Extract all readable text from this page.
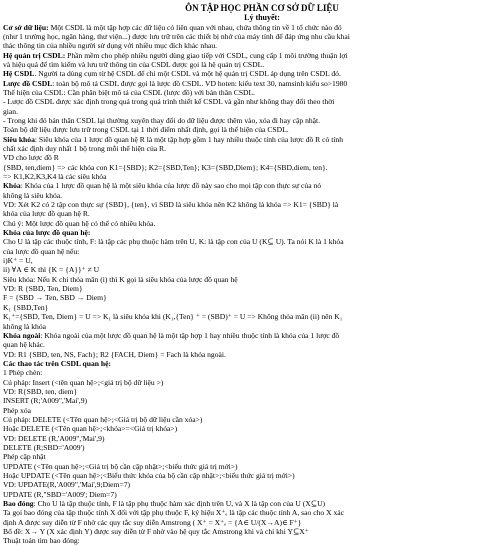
ÔN TẬP HỌC PHẦN CƠ SỞ DỮ LIỆU
Lý thuyết:
Cơ sở dữ liệu: Một CSDL là một tập hợp các dữ liệu có liên quan với nhau, chứa thông tin về 1 tổ chức nào đó
(như 1 trường học, ngân hàng, thư viện...) được lưu trữ trên các thiết bị nhớ của máy tính để đáp ứng nhu cầu khai
thác thông tin của nhiều người sử dụng với nhiều mục đích khác nhau.
Hệ quản trị CSDL: Phần mềm cho phép nhiều người dùng giao tiếp với CSDL, cung cấp 1 môi trường thuận lợi
và hiệu quả để tìm kiếm và lưu trữ thông tin của CSDL được gọi là hệ quản trị CSDL.
Hệ CSDL. Người ta dùng cụm từ hệ CSDL để chỉ một CSDL và một hệ quản trị CSDL áp dụng trên CSDL đó.
Lược đồ CSDL: toàn bộ mô tả CSDL được gọi là lược đồ CSDL. VD hoten: kiểu text 30, namsinh kiểu so>1980
Thể hiện của CSDL: Cần phân biệt mô tả của CSDL (lược đồ) với bản thân CSDL.
- Lược đồ CSDL được xác định trong quá trong quá trình thiết kế CSDL và gần như không thay đổi theo thời
gian.
- Trong khi đó bản thân CSDL lại thường xuyên thay đổi do dữ liệu được thêm vào, xóa đi hay cập nhật.
Toàn bộ dữ liệu được lưu trữ trong CSDL tại 1 thời điểm nhất định, gọi là thể hiện của CSDL.
Siêu khóa: Siêu khóa của 1 lược đồ quan hệ R là một tập hợp gồm 1 hay nhiều thuộc tính của lược đồ R có tính
chất xác định duy nhất 1 bộ trong mỗi thể hiện của R.
VD cho lược đồ R
{SBD, ten,diem} => các khóa con K1={SBD}; K2={SBD,Ten}; K3={SBD,Diem}; K4={SBD,diem, ten}.
=> K1,K2,K3,K4 là các siêu khóa
Khóa: Khóa của 1 lược đồ quan hệ là một siêu khóa của lược đồ này sao cho mọi tập con thực sự của nó
không là siêu khóa.
VD: Xét K2 có 2 tập con thực sự {SBD}, {ten}, vì SBD là siêu khóa nên K2 không là khóa => K1= {SBD} là
khóa của lược đồ quan hệ R.
Chú ý: Một lược đồ quan hệ có thể có nhiều khóa.
Khóa của lược đồ quan hệ:
Cho U là tập các thuộc tính, F: là tập các phụ thuộc hàm trên U, K: là tập con của U (K⊆ U). Ta nói K là 1 khóa
của lược đồ quan hệ nếu:
i)K⁺ = U,
ii) ∀A ∈ K thì {K = {A}}⁺ ≠ U
Siêu khóa: Nếu K chỉ thỏa mãn (i) thì K gọi là siêu khóa của lược đồ quan hệ
VD: R {SBD, Ten, Diem}
F = {SBD → Ten, SBD → Diem}
K₁ {SBD,Ten}
K₁⁺={SBD, Ten, Diem} = U => K₁ là siêu khóa khi (K₁,{Ten} ⁺ = (SBD)⁺ = U => Không thỏa mãn (ii) nên K₁
không là khóa
Khóa ngoài: Khóa ngoài của một lược đồ quan hệ là một tập hợp 1 hay nhiều thuộc tính là khóa của 1 lược đồ
quan hệ khác.
VD: R1 {SBD, ten, NS, Fach}; R2 {FACH, Diem} = Fach là khóa ngoài.
Các thao tác trên CSDL quan hệ:
1 Phép chèn:
Cú pháp: Insert (<tên quan hệ>;<giá trị bộ dữ liệu >)
VD: R{SBD, ten, diem}
INSERT (R;'A009",'Mai',9)
Phép xóa
Cú pháp: DELETE (<Tên quan hệ>;<Giá trị bộ dữ liệu cần xóa>)
Hoặc DELETE (<Tên quan hệ>;<khóa>=<Giá trị khóa>)
VD: DELETE (R,'A009",'Mai',9)
DELETE (R;SBD='A009')
Phép cập nhật
UPDATE (<Tên quan hệ>;<Giá trị bộ cần cập nhật>;<biểu thức giá trị mới>)
Hoặc UPDATE (<Tên quan hệ>;<Biểu thức khóa của bộ cần cập nhật>;<biểu thức giá trị mới>)
VD: UPDATE(R,'A009",'Mai',9;Diem=7)
UPDATE (R,"SBD='A009'; Diem=7)
Bao đóng: Cho U là tập thuộc tính, F là tập phụ thuộc hàm xác định trên U, và X là tập con của U (X⊆U)
Ta gọi bao đóng của tập thuộc tính X đối với tập phụ thuộc F, ký hiệu X⁺ₑ là tập các thuộc tính A, sao cho X xác
định A được suy diễn từ F nhờ các quy tắc suy diễn Amstrong ( X⁺ = X⁺ₑ = {A∈ U/(X→A)∈ F⁺}
Bổ đề: X→ Y (X xác định Y) được suy diễn từ F nhờ vào hệ quy tắc Amstrong khi và chỉ khi Y⊆X⁺
Thuật toán tìm bao đóng:
